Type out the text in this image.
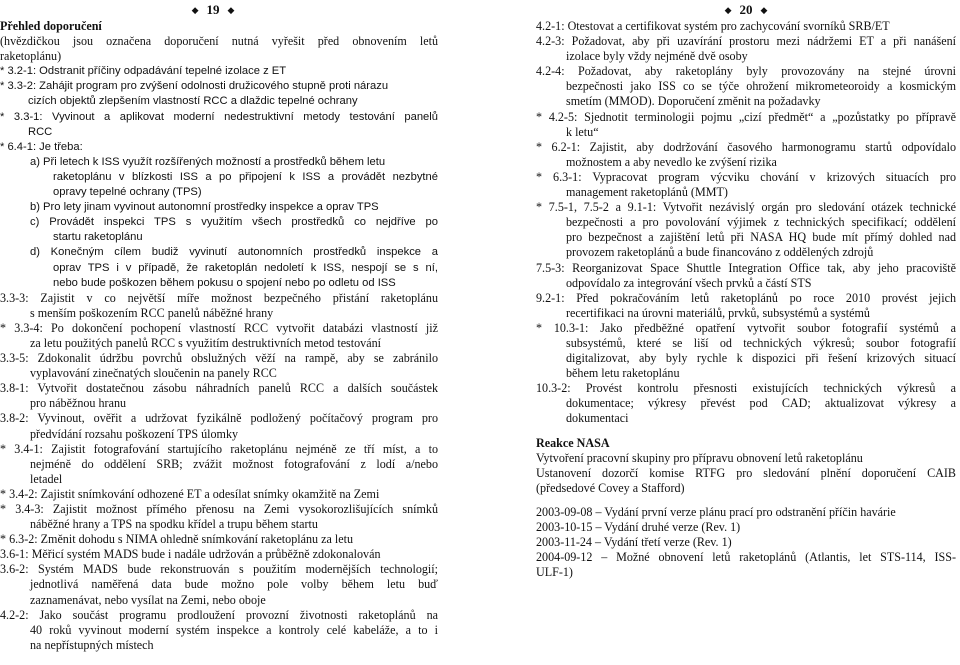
◆ 19 ◆
Přehled doporučení
(hvězdičkou jsou označena doporučení nutná vyřešit před obnovením letů
raketoplánu)
* 3.2-1: Odstranit příčiny odpadávání tepelné izolace z ET
* 3.3-2: Zahájit program pro zvýšení odolnosti družicového stupně proti nárazu
cizích objektů zlepšením vlastností RCC a dlaždic tepelné ochrany
* 3.3-1: Vyvinout a aplikovat moderní nedestruktivní metody testování panelů
RCC
* 6.4-1: Je třeba:
a) Při letech k ISS využít rozšířených možností a prostředků během letu
raketoplánu v blízkosti ISS a po připojení k ISS a provádět nezbytné
opravy tepelné ochrany (TPS)
b) Pro lety jinam vyvinout autonomní prostředky inspekce a oprav TPS
c) Provádět inspekci TPS s využitím všech prostředků co nejdříve po
startu raketoplánu
d) Konečným cílem budiž vyvinutí autonomních prostředků inspekce a
oprav TPS i v případě, že raketoplán nedoletí k ISS, nespojí se s ní,
nebo bude poškozen během pokusu o spojení nebo po odletu od ISS
3.3-3: Zajistit v co největší míře možnost bezpečného přistání raketoplánu
s menším poškozením RCC panelů náběžné hrany
* 3.3-4: Po dokončení pochopení vlastností RCC vytvořit databázi vlastností již
za letu použitých panelů RCC s využitím destruktivních metod testování
3.3-5: Zdokonalit údržbu povrchů obslužných věží na rampě, aby se zabránilo
vyplavování zinečnatých sloučenin na panely RCC
3.8-1: Vytvořit dostatečnou zásobu náhradních panelů RCC a dalších součástek
pro náběžnou hranu
3.8-2: Vyvinout, ověřit a udržovat fyzikálně podložený počítačový program pro
předvídání rozsahu poškození TPS úlomky
* 3.4-1: Zajistit fotografování startujícího raketoplánu nejméně ze tří míst, a to
nejméně do oddělení SRB; zvážit možnost fotografování z lodí a/nebo
letadel
* 3.4-2: Zajistit snímkování odhozené ET a odesílat snímky okamžitě na Zemi
* 3.4-3: Zajistit možnost přímého přenosu na Zemi vysokorozlišujících snímků
náběžné hrany a TPS na spodku křídel a trupu během startu
* 6.3-2: Změnit dohodu s NIMA ohledně snímkování raketoplánu za letu
3.6-1: Měřicí systém MADS bude i nadále udržován a průběžně zdokonalován
3.6-2: Systém MADS bude rekonstruován s použitím modernějších technologií;
jednotlivá naměřená data bude možno pole volby během letu buď
zaznamenávat, nebo vysílat na Zemi, nebo oboje
4.2-2: Jako součást programu prodloužení provozní životnosti raketoplánů na
40 roků vyvinout moderní systém inspekce a kontroly celé kabeláže, a to i
na nepřístupných místech
◆ 20 ◆
4.2-1: Otestovat a certifikovat systém pro zachycování svorníků SRB/ET
4.2-3: Požadovat, aby při uzavírání prostoru mezi nádržemi ET a při nanášení
izolace byly vždy nejméně dvě osoby
4.2-4: Požadovat, aby raketoplány byly provozovány na stejné úrovni
bezpečnosti jako ISS co se týče ohrožení mikrometeoroidy a kosmickým
smetím (MMOD). Doporučení změnit na požadavky
* 4.2-5: Sjednotit terminologii pojmu „cizí předmět“ a „pozůstatky po přípravě
k letu“
* 6.2-1: Zajistit, aby dodržování časového harmonogramu startů odpovídalo
možnostem a aby nevedlo ke zvýšení rizika
* 6.3-1: Vypracovat program výcviku chování v krizových situacích pro
management raketoplánů (MMT)
* 7.5-1, 7.5-2 a 9.1-1: Vytvořit nezávislý orgán pro sledování otázek technické
bezpečnosti a pro povolování výjimek z technických specifikací; oddělení
pro bezpečnost a zajištění letů při NASA HQ bude mít přímý dohled nad
provozem raketoplánů a bude financováno z oddělených zdrojů
7.5-3: Reorganizovat Space Shuttle Integration Office tak, aby jeho pracoviště
odpovídalo za integrování všech prvků a částí STS
9.2-1: Před pokračováním letů raketoplánů po roce 2010 provést jejich
recertifikaci na úrovni materiálů, prvků, subsystémů a systémů
* 10.3-1: Jako předběžné opatření vytvořit soubor fotografií systémů a
subsystémů, které se liší od technických výkresů; soubor fotografií
digitalizovat, aby byly rychle k dispozici při řešení krizových situací
během letu raketoplánu
10.3-2: Provést kontrolu přesnosti existujících technických výkresů a
dokumentace; výkresy převést pod CAD; aktualizovat výkresy a
dokumentaci
Reakce NASA
Vytvoření pracovní skupiny pro přípravu obnovení letů raketoplánu
Ustanovení dozorčí komise RTFG pro sledování plnění doporučení CAIB
(předsedové Covey a Stafford)
2003-09-08 – Vydání první verze plánu prací pro odstranění příčin havárie
2003-10-15 – Vydání druhé verze (Rev. 1)
2003-11-24 – Vydání třetí verze (Rev. 1)
2004-09-12 – Možné obnovení letů raketoplánů (Atlantis, let STS-114, ISS-
ULF-1)
